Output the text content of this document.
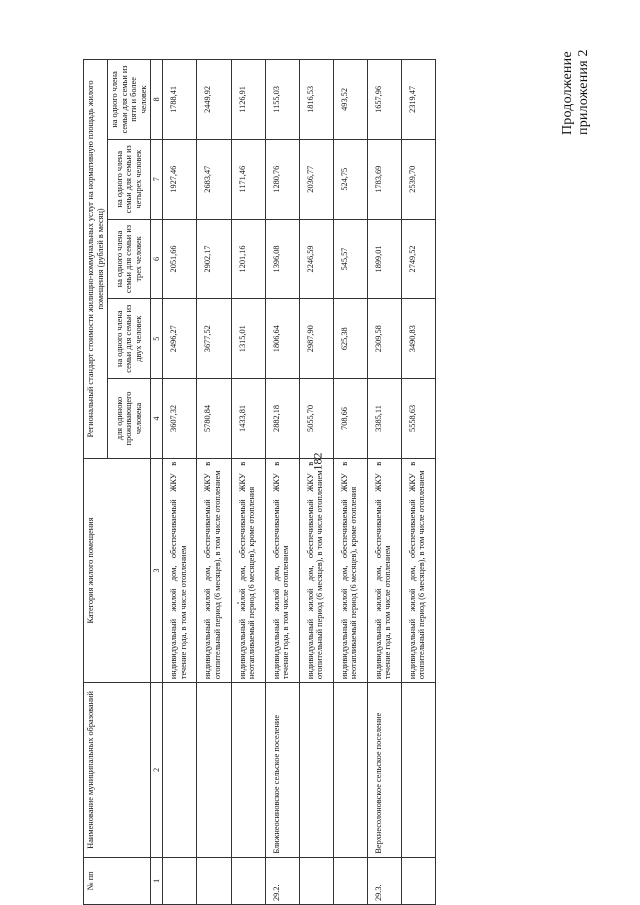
182
Продолжение приложения 2
№ пп	Наименование муниципальных образований	Категория жилого помещения	Региональный стандарт стоимости жилищно-коммунальных услуг на нормативную площадь жилого помещения (рублей в месяц)				
			для одиноко проживающего человека	на одного члена семьи для семьи из двух человек	на одного члена семьи для семьи из трех человек	на одного члена семьи для семьи из четырех человек	на одного члена семьи для семьи из пяти и более человек
1	2	3	4	5	6	7	8
		индивидуальный жилой дом, обеспечиваемый ЖКУ в течение года, в том числе отоплением	3607,32	2496,27	2051,66	1927,46	1788,41
		индивидуальный жилой дом, обеспечиваемый ЖКУ в отопительный период (6 месяцев), в том числе отоплением	5780,84	3677,52	2902,17	2683,47	2449,92
		индивидуальный жилой дом, обеспечиваемый ЖКУ в неотапливаемый период (6 месяцев), кроме отопления	1433,81	1315,01	1201,16	1171,46	1126,91
29.2.	Ближнеосиновское сельское поселение	индивидуальный жилой дом, обеспечиваемый ЖКУ в течение года, в том числе отоплением	2882,18	1806,64	1396,08	1280,76	1155,03
		индивидуальный жилой дом, обеспечиваемый ЖКУ в отопительный период (6 месяцев), в том числе отоплением	5055,70	2987,90	2246,59	2036,77	1816,53
		индивидуальный жилой дом, обеспечиваемый ЖКУ в неотапливаемый период (6 месяцев), кроме отопления	708,66	625,38	545,57	524,75	493,52
29.3.	Верхнесолоновское сельское поселение	индивидуальный жилой дом, обеспечиваемый ЖКУ в течение года, в том числе отоплением	3385,11	2309,58	1899,01	1783,69	1657,96
		индивидуальный жилой дом, обеспечиваемый ЖКУ в отопительный период (6 месяцев), в том числе отоплением	5558,63	3490,83	2749,52	2539,70	2319,47
